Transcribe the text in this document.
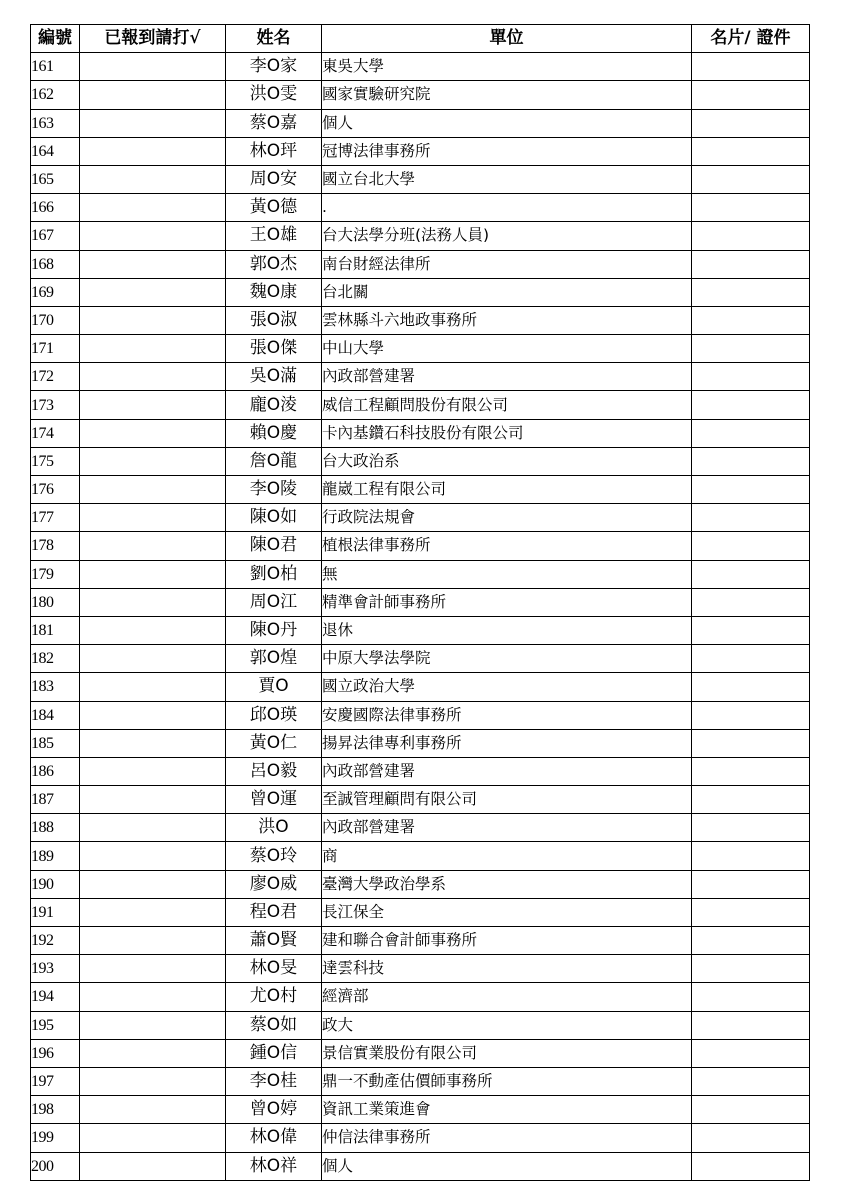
編號	已報到請打√	姓名	單位	名片/ 證件
161		李O家	東吳大學	
162		洪O雯	國家實驗研究院	
163		蔡O嘉	個人	
164		林O玶	冠博法律事務所	
165		周O安	國立台北大學	
166		黃O德	.	
167		王O雄	台大法學分班(法務人員)	
168		郭O杰	南台財經法律所	
169		魏O康	台北關	
170		張O淑	雲林縣斗六地政事務所	
171		張O傑	中山大學	
172		吳O滿	內政部營建署	
173		龐O淩	威信工程顧問股份有限公司	
174		賴O慶	卡內基鑽石科技股份有限公司	
175		詹O龍	台大政治系	
176		李O陵	龍崴工程有限公司	
177		陳O如	行政院法規會	
178		陳O君	植根法律事務所	
179		劉O柏	無	
180		周O江	精準會計師事務所	
181		陳O丹	退休	
182		郭O煌	中原大學法學院	
183		賈O	國立政治大學	
184		邱O瑛	安慶國際法律事務所	
185		黃O仁	揚昇法律專利事務所	
186		呂O毅	內政部營建署	
187		曾O運	至誠管理顧問有限公司	
188		洪O	內政部營建署	
189		蔡O玲	商	
190		廖O威	臺灣大學政治學系	
191		程O君	長江保全	
192		蕭O賢	建和聯合會計師事務所	
193		林O旻	達雲科技	
194		尤O村	經濟部	
195		蔡O如	政大	
196		鍾O信	景信實業股份有限公司	
197		李O桂	鼎一不動產估價師事務所	
198		曾O婷	資訊工業策進會	
199		林O偉	仲信法律事務所	
200		林O祥	個人	
